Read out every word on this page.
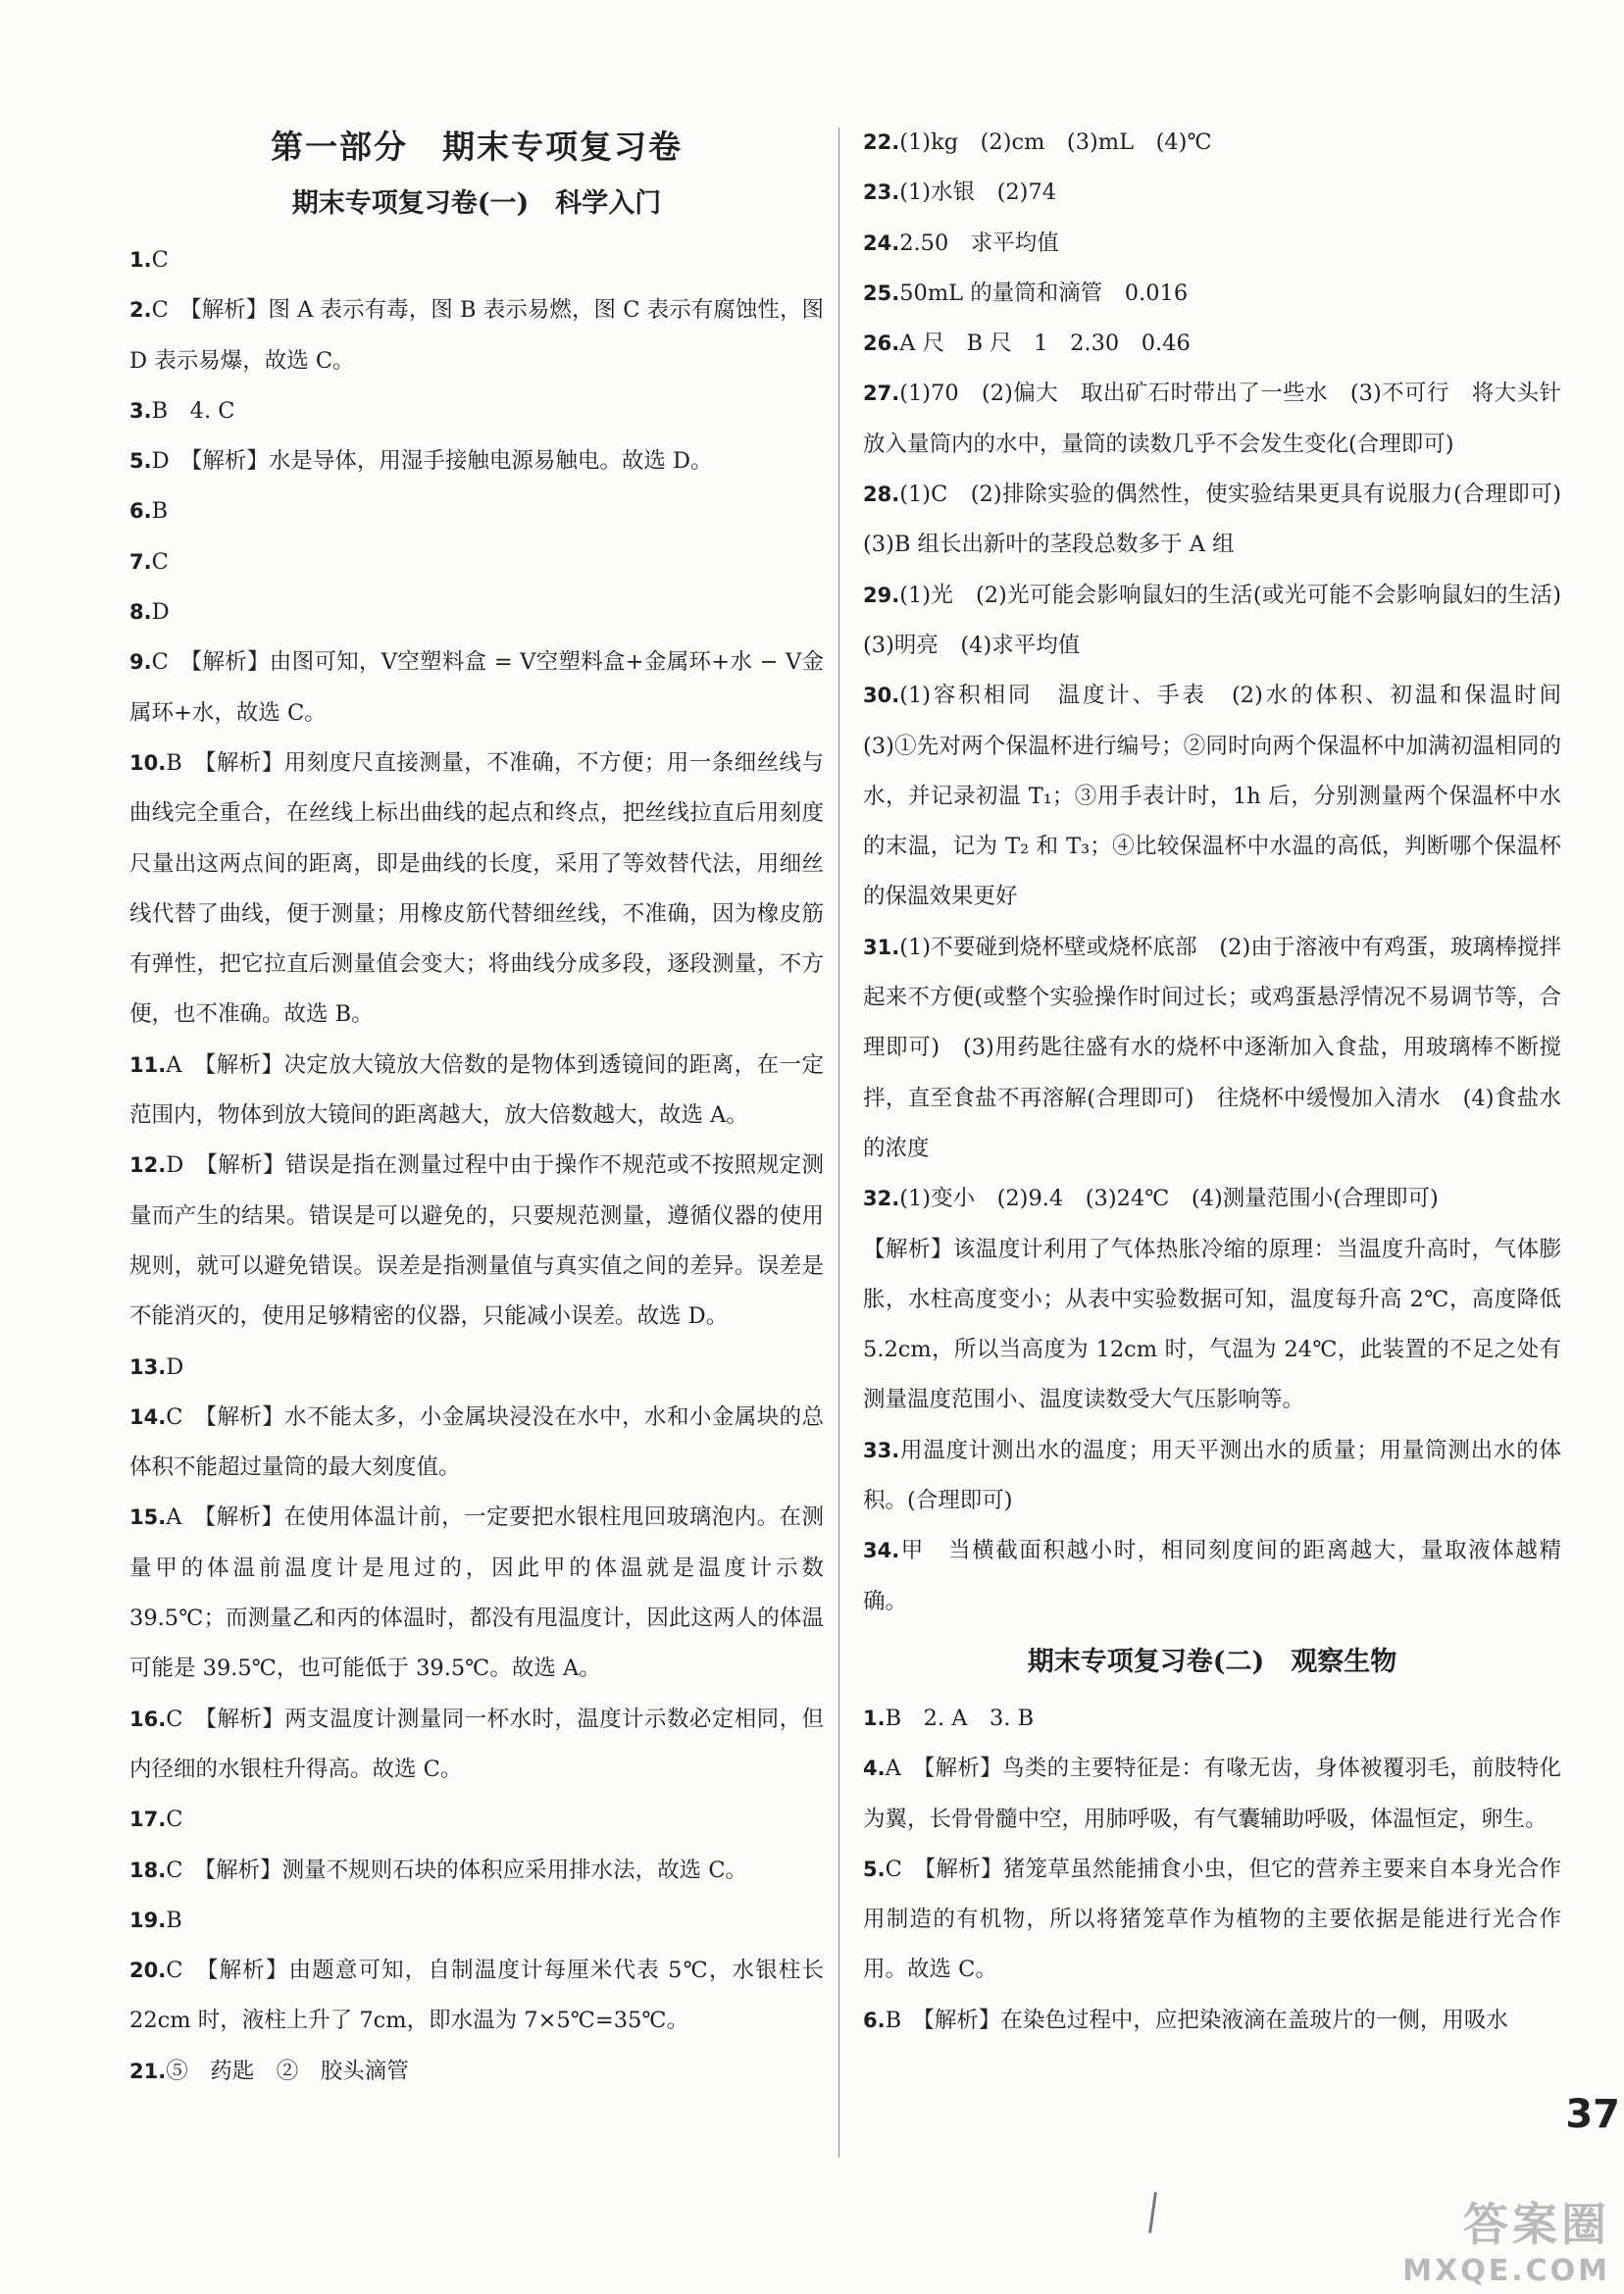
第一部分　期末专项复习卷
期末专项复习卷(一)　科学入门
1.C
2.C　【解析】图 A 表示有毒，图 B 表示易燃，图 C 表示有腐蚀性，图 D 表示易爆，故选 C。
3.B　4. C
5.D　【解析】水是导体，用湿手接触电源易触电。故选 D。
6.B
7.C
8.D
9.C　【解析】由图可知，V空塑料盒 = V空塑料盒+金属环+水 − V金属环+水，故选 C。
10.B　【解析】用刻度尺直接测量，不准确，不方便；用一条细丝线与曲线完全重合，在丝线上标出曲线的起点和终点，把丝线拉直后用刻度尺量出这两点间的距离，即是曲线的长度，采用了等效替代法，用细丝线代替了曲线，便于测量；用橡皮筋代替细丝线，不准确，因为橡皮筋有弹性，把它拉直后测量值会变大；将曲线分成多段，逐段测量，不方便，也不准确。故选 B。
11.A　【解析】决定放大镜放大倍数的是物体到透镜间的距离，在一定范围内，物体到放大镜间的距离越大，放大倍数越大，故选 A。
12.D　【解析】错误是指在测量过程中由于操作不规范或不按照规定测量而产生的结果。错误是可以避免的，只要规范测量，遵循仪器的使用规则，就可以避免错误。误差是指测量值与真实值之间的差异。误差是不能消灭的，使用足够精密的仪器，只能减小误差。故选 D。
13.D
14.C　【解析】水不能太多，小金属块浸没在水中，水和小金属块的总体积不能超过量筒的最大刻度值。
15.A　【解析】在使用体温计前，一定要把水银柱甩回玻璃泡内。在测量甲的体温前温度计是甩过的，因此甲的体温就是温度计示数 39.5℃；而测量乙和丙的体温时，都没有甩温度计，因此这两人的体温可能是 39.5℃，也可能低于 39.5℃。故选 A。
16.C　【解析】两支温度计测量同一杯水时，温度计示数必定相同，但内径细的水银柱升得高。故选 C。
17.C
18.C　【解析】测量不规则石块的体积应采用排水法，故选 C。
19.B
20.C　【解析】由题意可知，自制温度计每厘米代表 5℃，水银柱长 22cm 时，液柱上升了 7cm，即水温为 7×5℃=35℃。
21.⑤　药匙　②　胶头滴管
22.(1)kg　(2)cm　(3)mL　(4)℃
23.(1)水银　(2)74
24.2.50　求平均值
25.50mL 的量筒和滴管　0.016
26.A 尺　B 尺　1　2.30　0.46
27.(1)70　(2)偏大　取出矿石时带出了一些水　(3)不可行　将大头针放入量筒内的水中，量筒的读数几乎不会发生变化(合理即可)
28.(1)C　(2)排除实验的偶然性，使实验结果更具有说服力(合理即可)　(3)B 组长出新叶的茎段总数多于 A 组
29.(1)光　(2)光可能会影响鼠妇的生活(或光可能不会影响鼠妇的生活)　(3)明亮　(4)求平均值
30.(1)容积相同　温度计、手表　(2)水的体积、初温和保温时间　(3)①先对两个保温杯进行编号；②同时向两个保温杯中加满初温相同的水，并记录初温 T₁；③用手表计时，1h 后，分别测量两个保温杯中水的末温，记为 T₂ 和 T₃；④比较保温杯中水温的高低，判断哪个保温杯的保温效果更好
31.(1)不要碰到烧杯壁或烧杯底部　(2)由于溶液中有鸡蛋，玻璃棒搅拌起来不方便(或整个实验操作时间过长；或鸡蛋悬浮情况不易调节等，合理即可)　(3)用药匙往盛有水的烧杯中逐渐加入食盐，用玻璃棒不断搅拌，直至食盐不再溶解(合理即可)　往烧杯中缓慢加入清水　(4)食盐水的浓度
32.(1)变小　(2)9.4　(3)24℃　(4)测量范围小(合理即可)
【解析】该温度计利用了气体热胀冷缩的原理：当温度升高时，气体膨胀，水柱高度变小；从表中实验数据可知，温度每升高 2℃，高度降低 5.2cm，所以当高度为 12cm 时，气温为 24℃，此装置的不足之处有测量温度范围小、温度读数受大气压影响等。
33.用温度计测出水的温度；用天平测出水的质量；用量筒测出水的体积。(合理即可)
34.甲　当横截面积越小时，相同刻度间的距离越大，量取液体越精确。
期末专项复习卷(二)　观察生物
1.B　2. A　3. B
4.A　【解析】鸟类的主要特征是：有喙无齿，身体被覆羽毛，前肢特化为翼，长骨骨髓中空，用肺呼吸，有气囊辅助呼吸，体温恒定，卵生。
5.C　【解析】猪笼草虽然能捕食小虫，但它的营养主要来自本身光合作用制造的有机物，所以将猪笼草作为植物的主要依据是能进行光合作用。故选 C。
6.B　【解析】在染色过程中，应把染液滴在盖玻片的一侧，用吸水
37
答案圈
MXQE.COM
